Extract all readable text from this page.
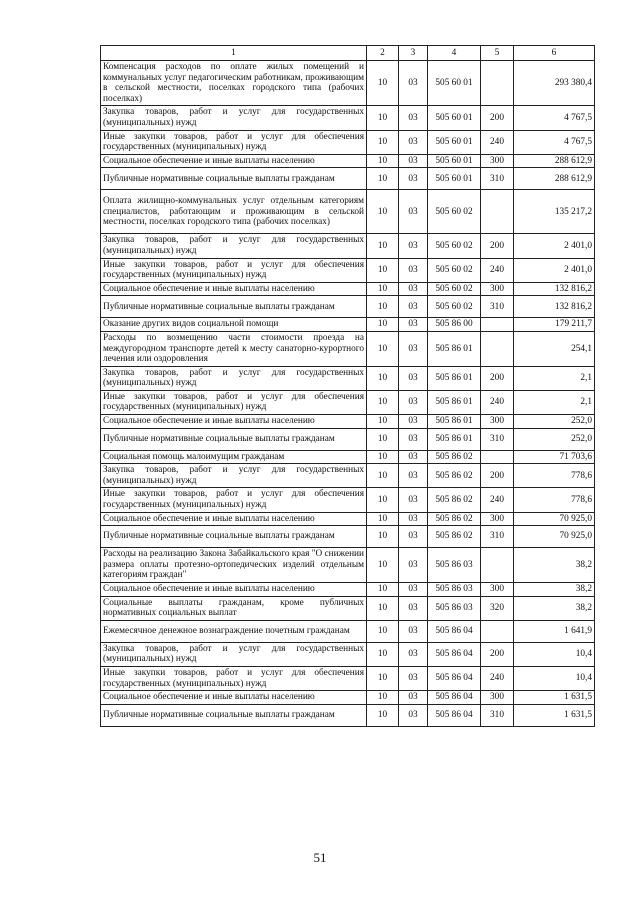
1	2	3	4	5	6
Компенсация расходов по оплате жилых помещений и коммунальных услуг педагогическим работникам, проживающим в сельской местности, поселках городского типа (рабочих поселках)	10	03	505 60 01		293 380,4
Закупка товаров, работ и услуг для государственных (муниципальных) нужд	10	03	505 60 01	200	4 767,5
Иные закупки товаров, работ и услуг для обеспечения государственных (муниципальных) нужд	10	03	505 60 01	240	4 767,5
Социальное обеспечение и иные выплаты населению	10	03	505 60 01	300	288 612,9
Публичные нормативные социальные выплаты гражданам	10	03	505 60 01	310	288 612,9
Оплата жилищно-коммунальных услуг отдельным категориям специалистов, работающим и проживающим в сельской местности, поселках городского типа (рабочих поселках)	10	03	505 60 02		135 217,2
Закупка товаров, работ и услуг для государственных (муниципальных) нужд	10	03	505 60 02	200	2 401,0
Иные закупки товаров, работ и услуг для обеспечения государственных (муниципальных) нужд	10	03	505 60 02	240	2 401,0
Социальное обеспечение и иные выплаты населению	10	03	505 60 02	300	132 816,2
Публичные нормативные социальные выплаты гражданам	10	03	505 60 02	310	132 816,2
Оказание других видов социальной помощи	10	03	505 86 00		179 211,7
Расходы по возмещению части стоимости проезда на междугородном транспорте детей к месту санаторно-курортного лечения или оздоровления	10	03	505 86 01		254,1
Закупка товаров, работ и услуг для государственных (муниципальных) нужд	10	03	505 86 01	200	2,1
Иные закупки товаров, работ и услуг для обеспечения государственных (муниципальных) нужд	10	03	505 86 01	240	2,1
Социальное обеспечение и иные выплаты населению	10	03	505 86 01	300	252,0
Публичные нормативные социальные выплаты гражданам	10	03	505 86 01	310	252,0
Социальная помощь малоимущим гражданам	10	03	505 86 02		71 703,6
Закупка товаров, работ и услуг для государственных (муниципальных) нужд	10	03	505 86 02	200	778,6
Иные закупки товаров, работ и услуг для обеспечения государственных (муниципальных) нужд	10	03	505 86 02	240	778,6
Социальное обеспечение и иные выплаты населению	10	03	505 86 02	300	70 925,0
Публичные нормативные социальные выплаты гражданам	10	03	505 86 02	310	70 925,0
Расходы на реализацию Закона Забайкальского края "О снижении размера оплаты протезно-ортопедических изделий отдельным категориям граждан"	10	03	505 86 03		38,2
Социальное обеспечение и иные выплаты населению	10	03	505 86 03	300	38,2
Социальные выплаты гражданам, кроме публичных нормативных социальных выплат	10	03	505 86 03	320	38,2
Ежемесячное денежное вознаграждение почетным гражданам	10	03	505 86 04		1 641,9
Закупка товаров, работ и услуг для государственных (муниципальных) нужд	10	03	505 86 04	200	10,4
Иные закупки товаров, работ и услуг для обеспечения государственных (муниципальных) нужд	10	03	505 86 04	240	10,4
Социальное обеспечение и иные выплаты населению	10	03	505 86 04	300	1 631,5
Публичные нормативные социальные выплаты гражданам	10	03	505 86 04	310	1 631,5
51
